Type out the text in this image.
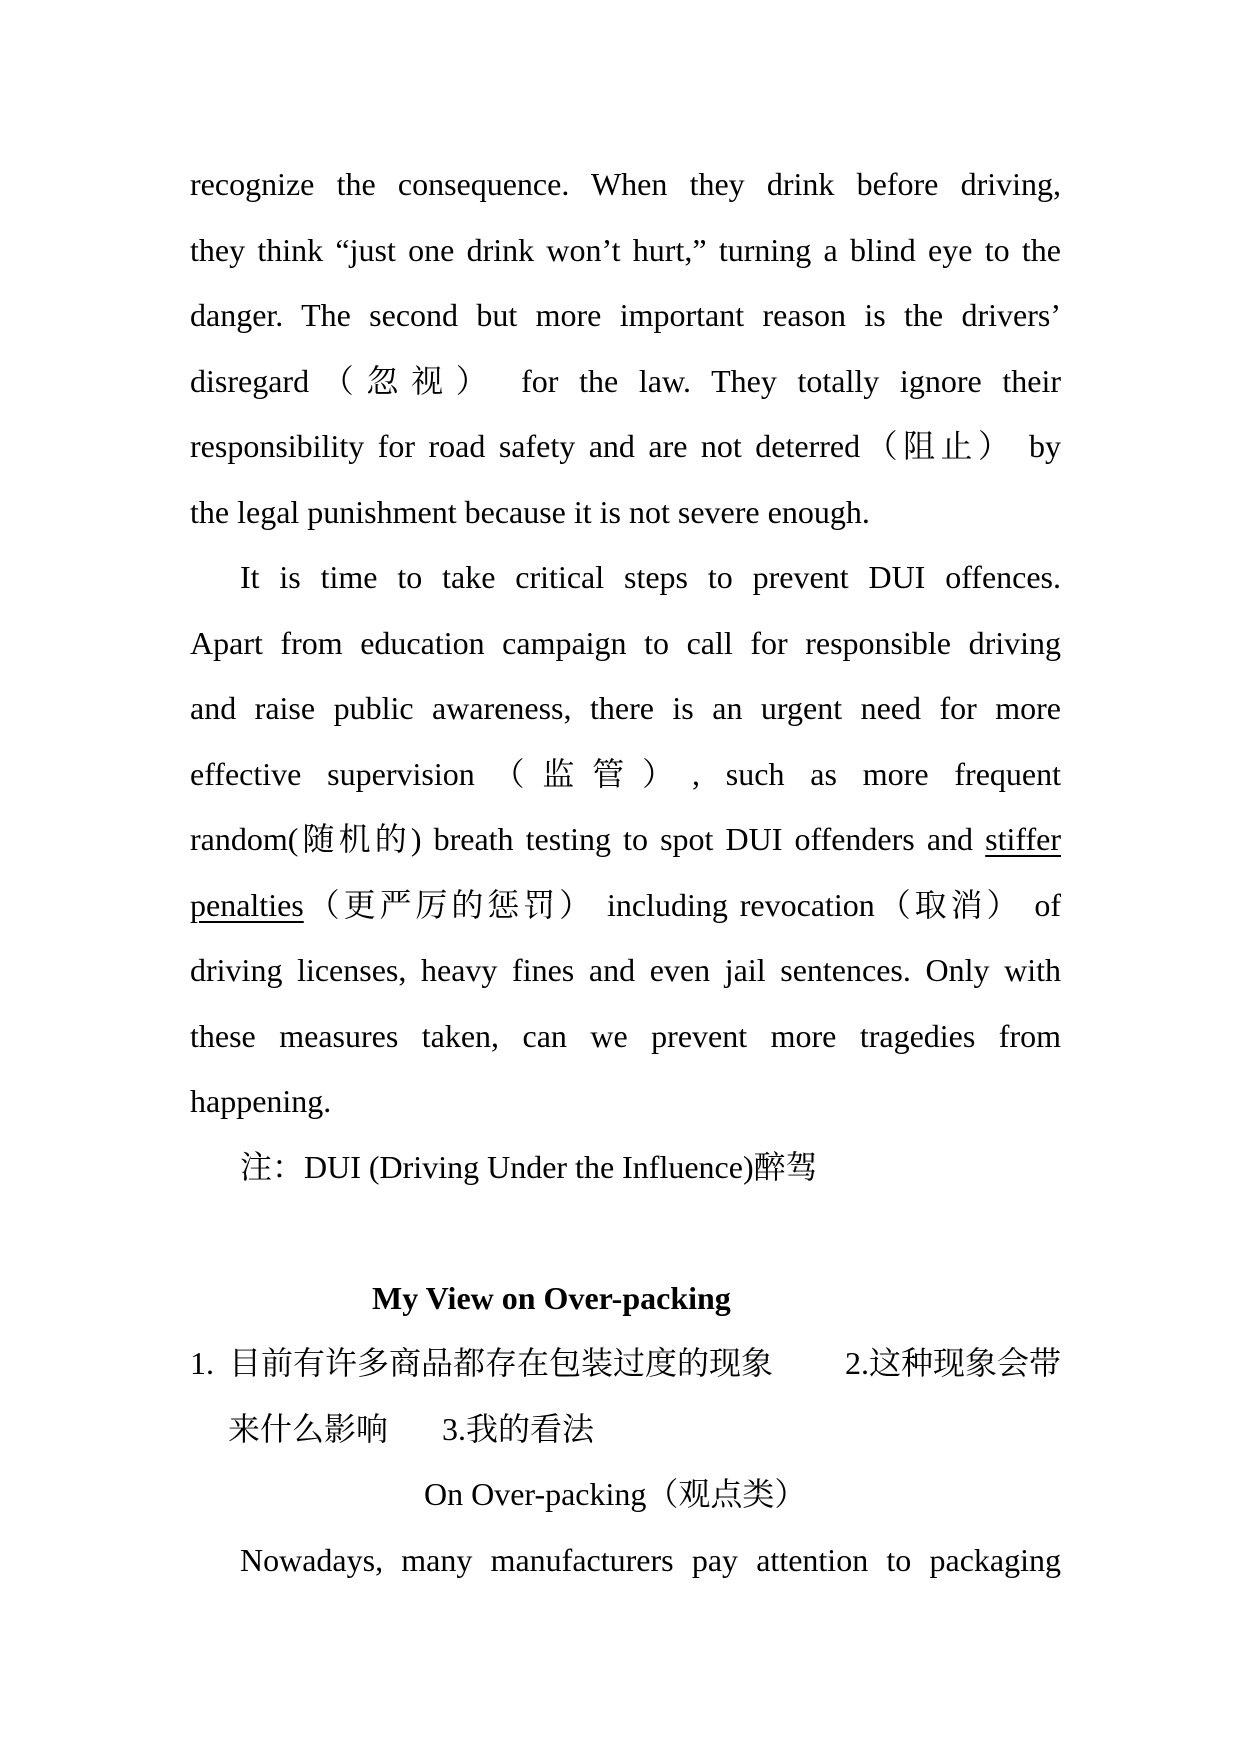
recognize the consequence. When they drink before driving,
they think “just one drink won’t hurt,” turning a blind eye to the
danger. The second but more important reason is the drivers’
disregard（忽视） for the law. They totally ignore their
responsibility for road safety and are not deterred（阻止） by
the legal punishment because it is not severe enough.
It is time to take critical steps to prevent DUI offences.
Apart from education campaign to call for responsible driving
and raise public awareness, there is an urgent need for more
effective supervision（监管）, such as more frequent
random(随机的) breath testing to spot DUI offenders and stiffer
penalties（更严厉的惩罚） including revocation（取消） of
driving licenses, heavy fines and even jail sentences. Only with
these measures taken, can we prevent more tragedies from
happening.
注：DUI (Driving Under the Influence)醉驾
My View on Over-packing
1. 目前有许多商品都存在包装过度的现象 2.这种现象会带
来什么影响 3.我的看法
On Over-packing（观点类）
Nowadays, many manufacturers pay attention to packaging
